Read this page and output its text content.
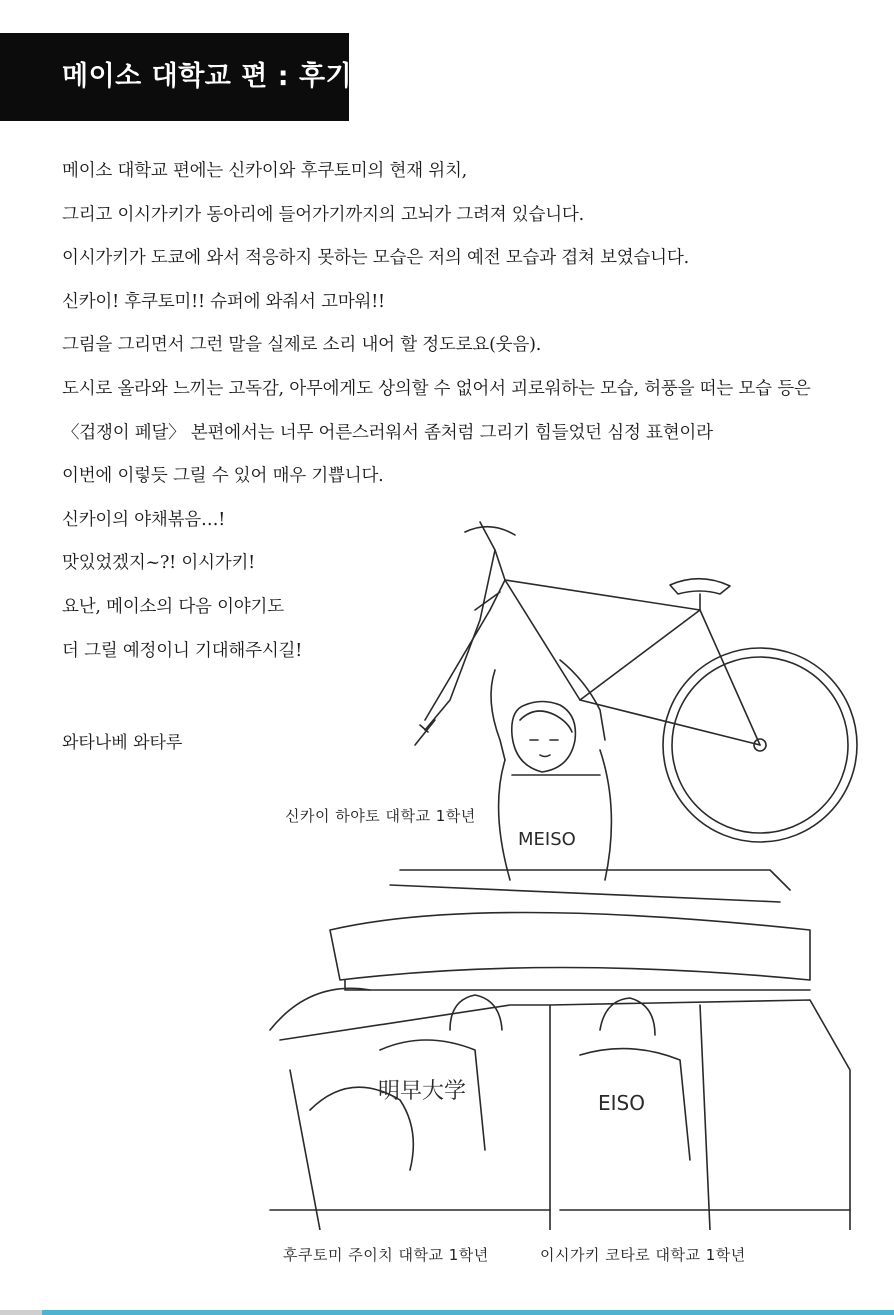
메이소 대학교 편 : 후기
메이소 대학교 편에는 신카이와 후쿠토미의 현재 위치,
그리고 이시가키가 동아리에 들어가기까지의 고뇌가 그려져 있습니다.
이시가키가 도쿄에 와서 적응하지 못하는 모습은 저의 예전 모습과 겹쳐 보였습니다.
신카이! 후쿠토미!! 슈퍼에 와줘서 고마워!!
그림을 그리면서 그런 말을 실제로 소리 내어 할 정도로요(웃음).
도시로 올라와 느끼는 고독감, 아무에게도 상의할 수 없어서 괴로워하는 모습, 허풍을 떠는 모습 등은
〈겁쟁이 페달〉 본편에서는 너무 어른스러워서 좀처럼 그리기 힘들었던 심정 표현이라
이번에 이렇듯 그릴 수 있어 매우 기쁩니다.
신카이의 야채볶음…!
맛있었겠지~?! 이시가키!
요난, 메이소의 다음 이야기도
더 그릴 예정이니 기대해주시길!
와타나베 와타루
MEISO
明早大学	EISO
신카이 하야토 대학교 1학년
후쿠토미 주이치 대학교 1학년	이시가키 코타로 대학교 1학년
